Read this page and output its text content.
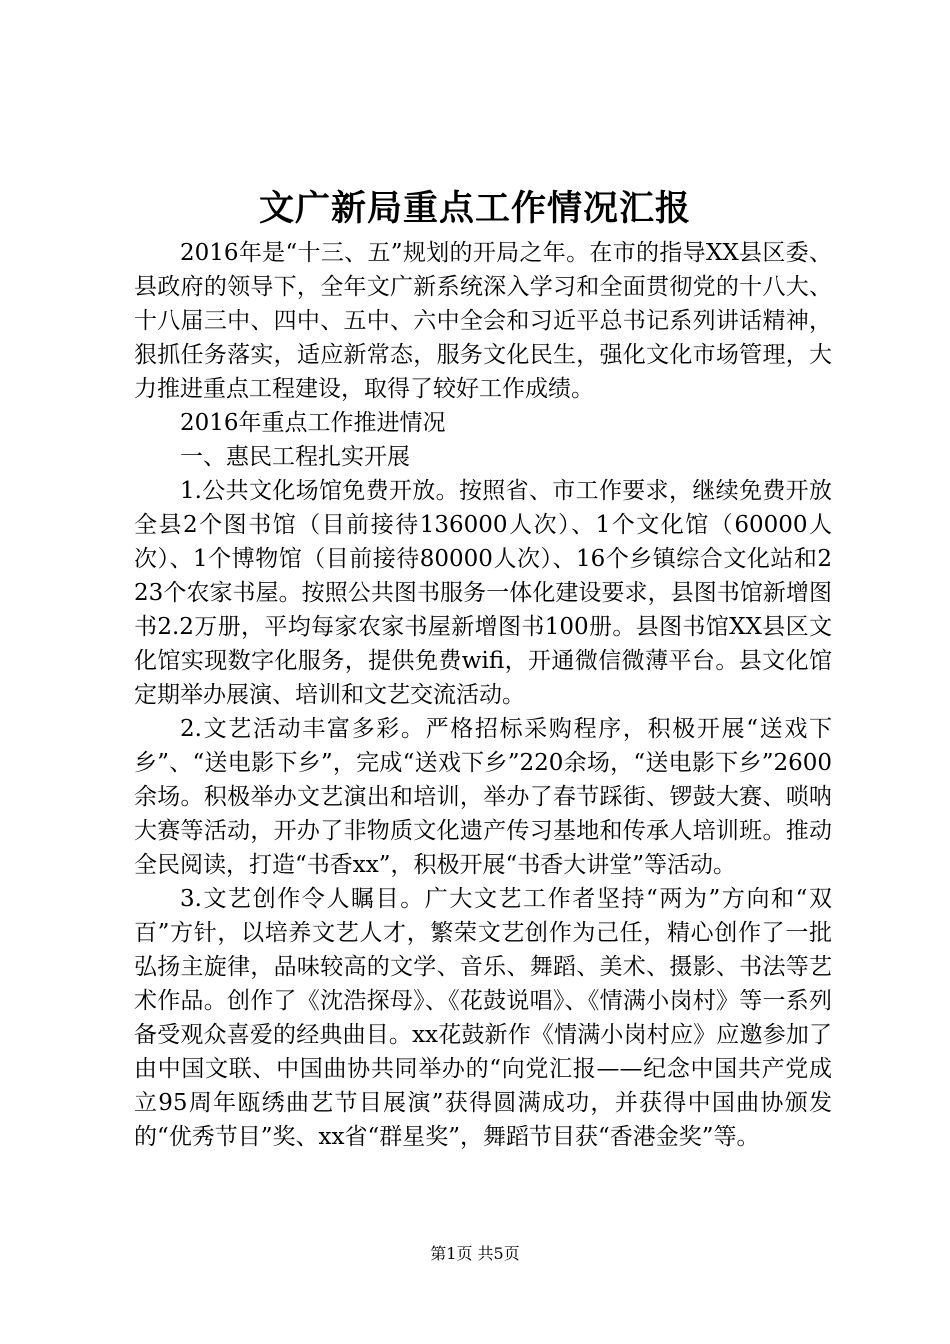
文广新局重点工作情况汇报

2016年是“十三、五”规划的开局之年。在市的指导XX县区委、县政府的领导下，全年文广新系统深入学习和全面贯彻党的十八大、十八届三中、四中、五中、六中全会和习近平总书记系列讲话精神，狠抓任务落实，适应新常态，服务文化民生，强化文化市场管理，大力推进重点工程建设，取得了较好工作成绩。

2016年重点工作推进情况

一、惠民工程扎实开展

1.公共文化场馆免费开放。按照省、市工作要求，继续免费开放全县2个图书馆（目前接待136000人次）、1个文化馆（60000人次）、1个博物馆（目前接待80000人次）、16个乡镇综合文化站和223个农家书屋。按照公共图书服务一体化建设要求，县图书馆新增图书2.2万册，平均每家农家书屋新增图书100册。县图书馆XX县区文化馆实现数字化服务，提供免费wifi，开通微信微薄平台。县文化馆定期举办展演、培训和文艺交流活动。

2.文艺活动丰富多彩。严格招标采购程序，积极开展“送戏下乡”、“送电影下乡”，完成“送戏下乡”220余场，“送电影下乡”2600余场。积极举办文艺演出和培训，举办了春节踩街、锣鼓大赛、唢呐大赛等活动，开办了非物质文化遗产传习基地和传承人培训班。推动全民阅读，打造“书香xx”，积极开展“书香大讲堂”等活动。

3.文艺创作令人瞩目。广大文艺工作者坚持“两为”方向和“双百”方针，以培养文艺人才，繁荣文艺创作为己任，精心创作了一批弘扬主旋律，品味较高的文学、音乐、舞蹈、美术、摄影、书法等艺术作品。创作了《沈浩探母》、《花鼓说唱》、《情满小岗村》等一系列备受观众喜爱的经典曲目。xx花鼓新作《情满小岗村应》应邀参加了由中国文联、中国曲协共同举办的“向党汇报——纪念中国共产党成立95周年瓯绣曲艺节目展演”获得圆满成功，并获得中国曲协颁发的“优秀节目”奖、xx省“群星奖”，舞蹈节目获“香港金奖”等。

第1页 共5页
